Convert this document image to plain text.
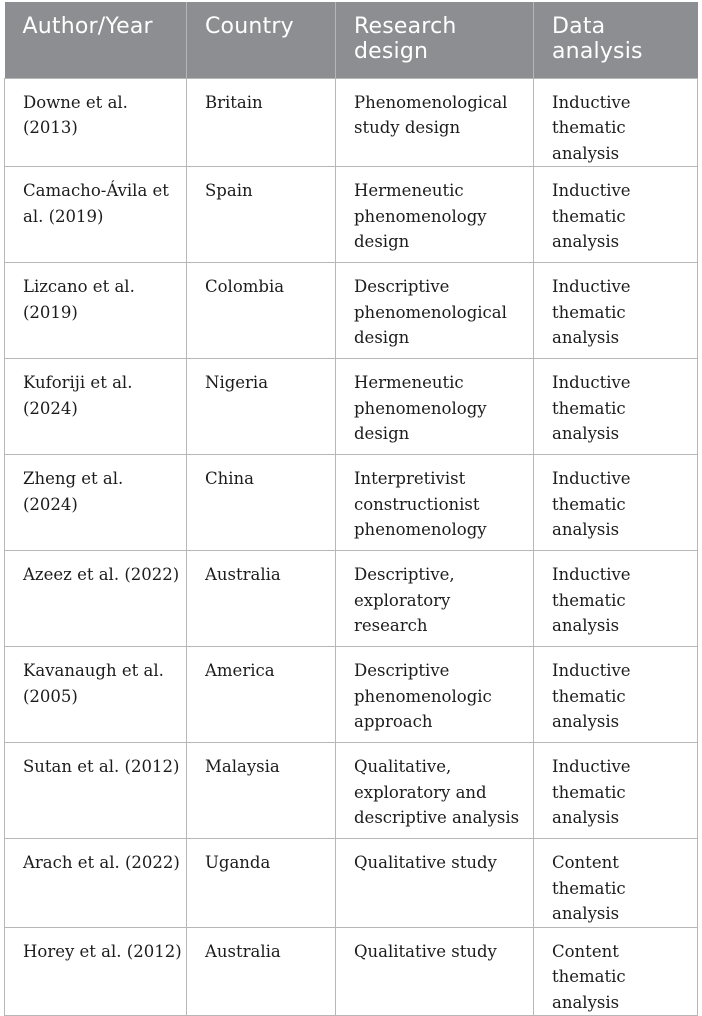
Author/Year	Country	Research design	Data analysis
Downe et al. (2013)	Britain	Phenomenological study design	Inductive thematic analysis
Camacho-Ávila et al. (2019)	Spain	Hermeneutic phenomenology design	Inductive thematic analysis
Lizcano et al. (2019)	Colombia	Descriptive phenomenological design	Inductive thematic analysis
Kuforiji et al. (2024)	Nigeria	Hermeneutic phenomenology design	Inductive thematic analysis
Zheng et al. (2024)	China	Interpretivist constructionist phenomenology	Inductive thematic analysis
Azeez et al. (2022)	Australia	Descriptive, exploratory research	Inductive thematic analysis
Kavanaugh et al. (2005)	America	Descriptive phenomenologic approach	Inductive thematic analysis
Sutan et al. (2012)	Malaysia	Qualitative, exploratory and descriptive analysis	Inductive thematic analysis
Arach et al. (2022)	Uganda	Qualitative study	Content thematic analysis
Horey et al. (2012)	Australia	Qualitative study	Content thematic analysis
